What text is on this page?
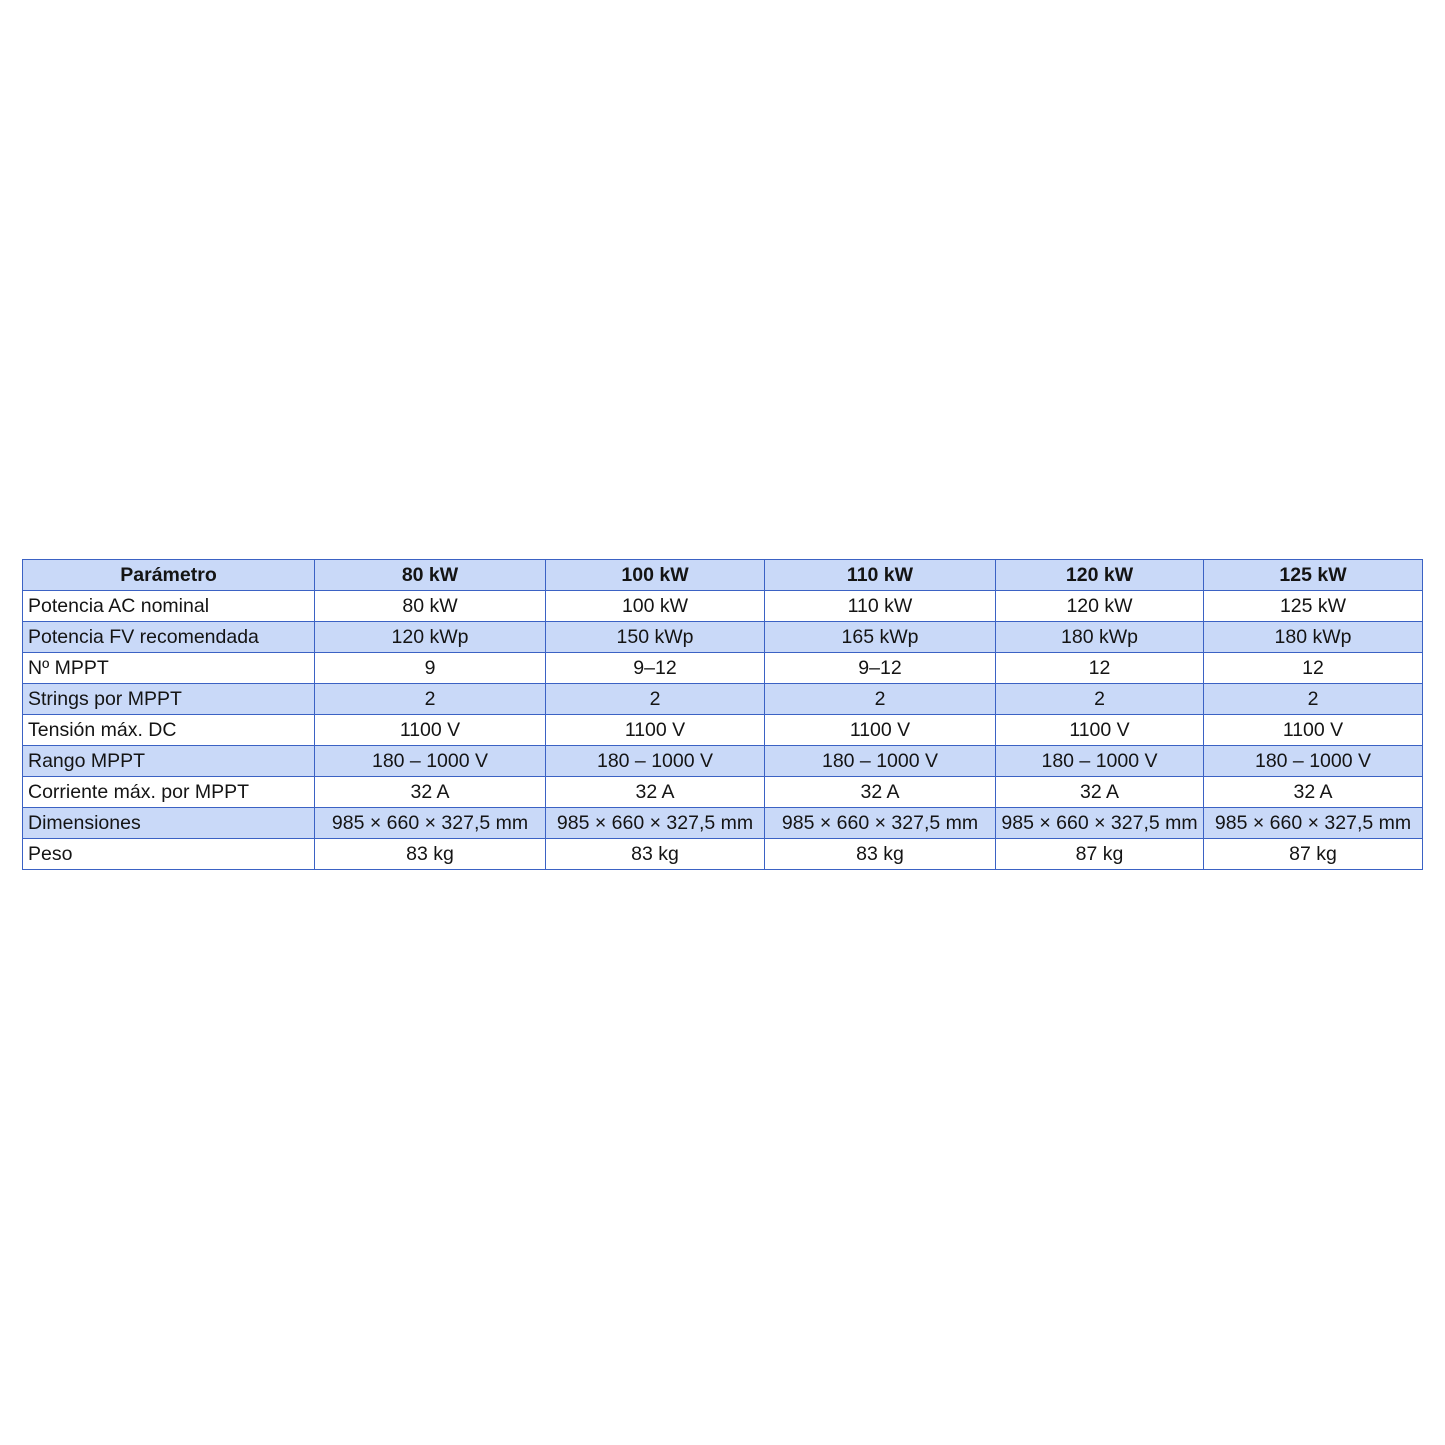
Parámetro	80 kW	100 kW	110 kW	120 kW	125 kW
Potencia AC nominal	80 kW	100 kW	110 kW	120 kW	125 kW
Potencia FV recomendada	120 kWp	150 kWp	165 kWp	180 kWp	180 kWp
Nº MPPT	9	9–12	9–12	12	12
Strings por MPPT	2	2	2	2	2
Tensión máx. DC	1100 V	1100 V	1100 V	1100 V	1100 V
Rango MPPT	180 – 1000 V	180 – 1000 V	180 – 1000 V	180 – 1000 V	180 – 1000 V
Corriente máx. por MPPT	32 A	32 A	32 A	32 A	32 A
Dimensiones	985 × 660 × 327,5 mm	985 × 660 × 327,5 mm	985 × 660 × 327,5 mm	985 × 660 × 327,5 mm	985 × 660 × 327,5 mm
Peso	83 kg	83 kg	83 kg	87 kg	87 kg
